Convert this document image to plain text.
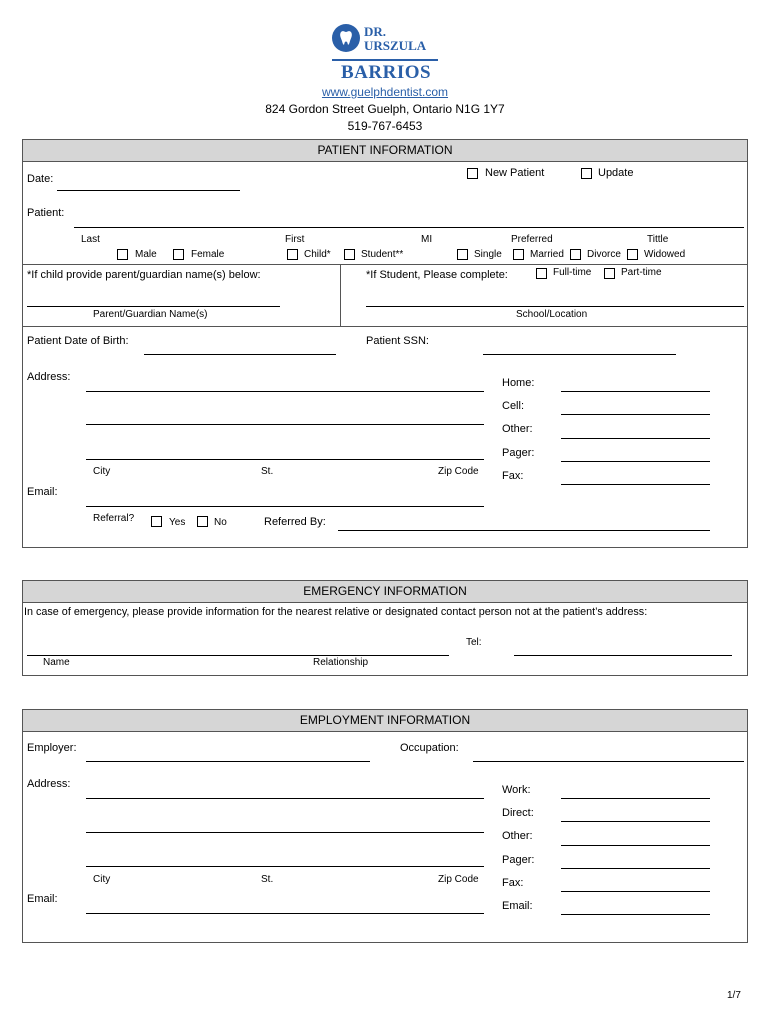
DR.
URSZULA
BARRIOS
www.guelphdentist.com
824 Gordon Street Guelph, Ontario N1G 1Y7
519-767-6453
PATIENT INFORMATION
Date:	New Patient	Update
Patient:
Last	First	MI	Preferred	Tittle
Male	Female	Child*	Student**	Single	Married Divorce Widowed
*If child provide parent/guardian name(s) below:	*If Student, Please complete:	Full-time	Part-time
Parent/Guardian Name(s)	School/Location
Patient Date of Birth:	Patient SSN:
Address:
City	St.	Zip Code
Home:
Cell:
Other:
Pager:
Fax:
Email:
Referral?	Yes	No	Referred By:
EMERGENCY INFORMATION
In case of emergency, please provide information for the nearest relative or designated contact person not at the patient’s address:
Tel:
Name	Relationship
EMPLOYMENT INFORMATION
Employer:	Occupation:
Address:
City	St.	Zip Code
Email:
Work:
Direct:
Other:
Pager:
Fax:
Email:
1/7
